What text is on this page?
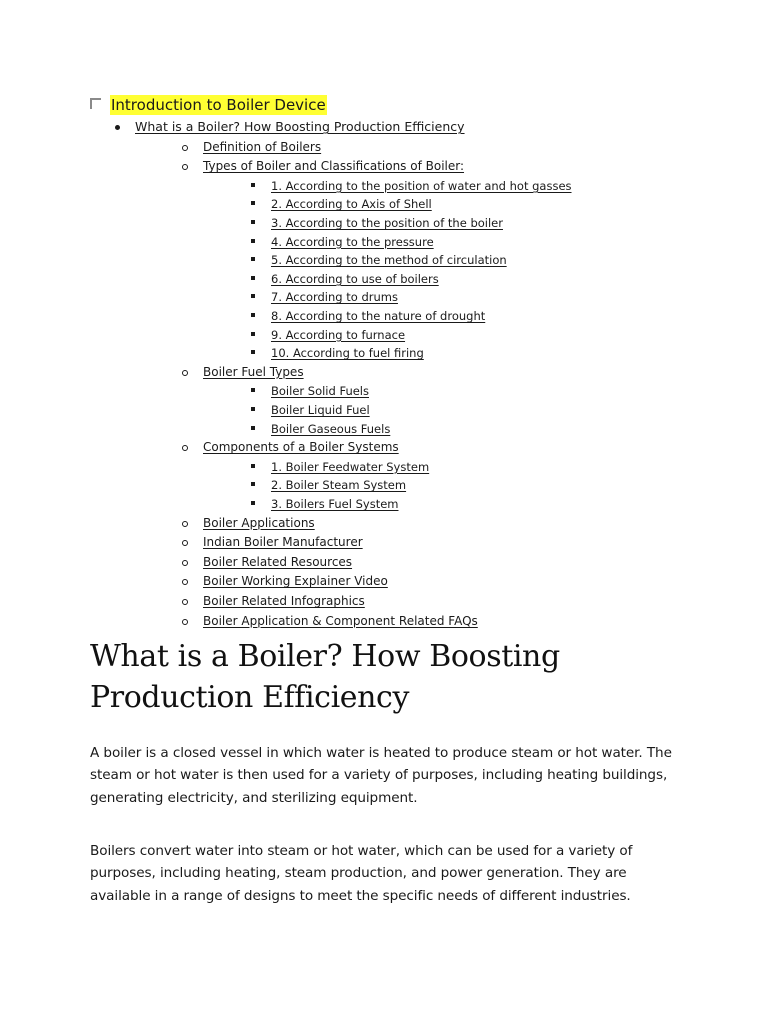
Introduction to Boiler Device
What is a Boiler? How Boosting Production Efficiency
Definition of Boilers
Types of Boiler and Classifications of Boiler:
1. According to the position of water and hot gasses
2. According to Axis of Shell
3. According to the position of the boiler
4. According to the pressure
5. According to the method of circulation
6. According to use of boilers
7. According to drums
8. According to the nature of drought
9. According to furnace
10. According to fuel firing
Boiler Fuel Types
Boiler Solid Fuels
Boiler Liquid Fuel
Boiler Gaseous Fuels
Components of a Boiler Systems
1. Boiler Feedwater System
2. Boiler Steam System
3. Boilers Fuel System
Boiler Applications
Indian Boiler Manufacturer
Boiler Related Resources
Boiler Working Explainer Video
Boiler Related Infographics
Boiler Application & Component Related FAQs
What is a Boiler? How Boosting Production Efficiency

A boiler is a closed vessel in which water is heated to produce steam or hot water. The steam or hot water is then used for a variety of purposes, including heating buildings, generating electricity, and sterilizing equipment.

Boilers convert water into steam or hot water, which can be used for a variety of purposes, including heating, steam production, and power generation. They are available in a range of designs to meet the specific needs of different industries.
